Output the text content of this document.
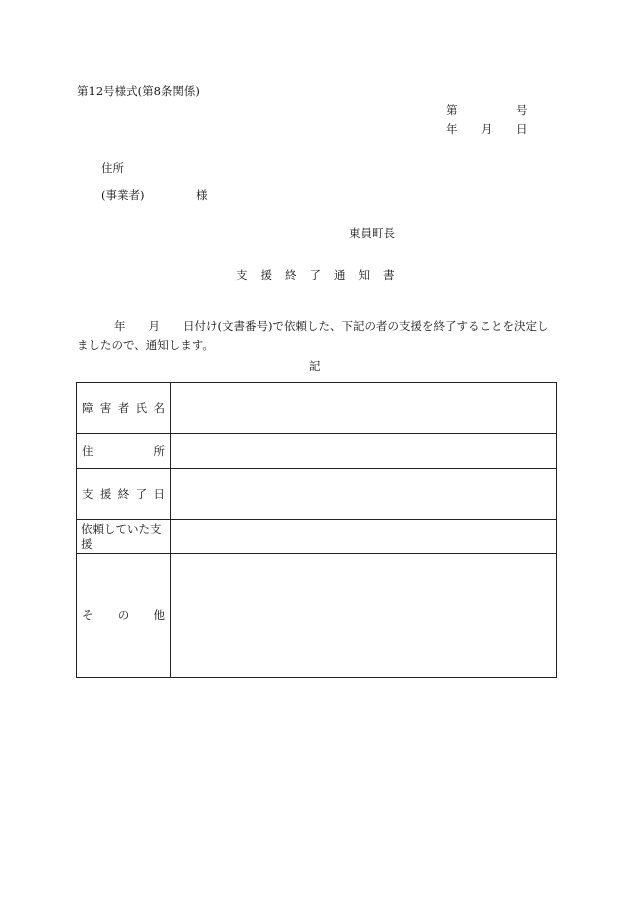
第12号様式(第8条関係)
第	号
年 月 日
住所
(事業者)	様
東員町長
支援終了通知書
年　　月　　日付け(文書番号)で依頼した、下記の者の支援を終了することを決定しましたので、通知します。
記
障 害 者 氏 名	

住 所	

支 援 終 了 日	

依頼していた支援	

そ の 他	
